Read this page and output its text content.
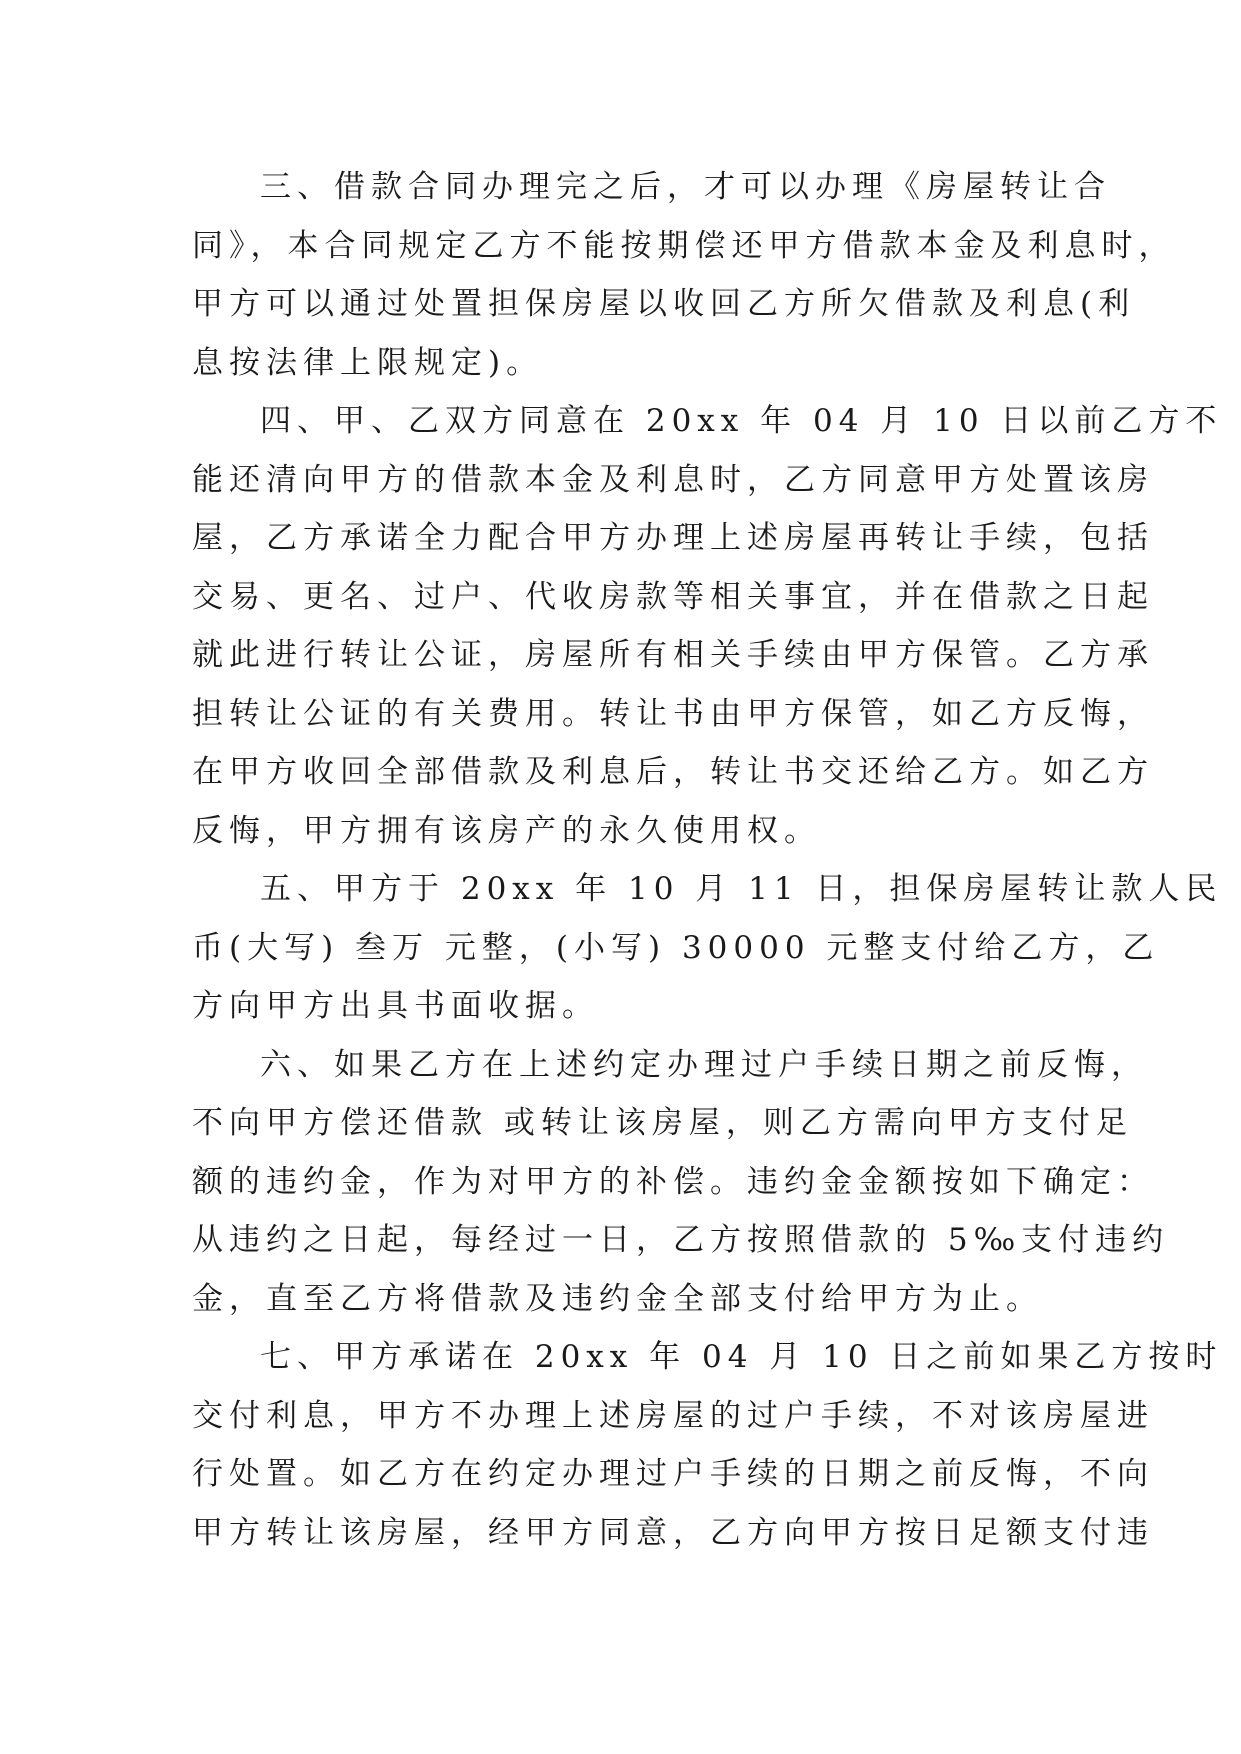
三、借款合同办理完之后，才可以办理《房屋转让合
同》，本合同规定乙方不能按期偿还甲方借款本金及利息时，
甲方可以通过处置担保房屋以收回乙方所欠借款及利息(利
息按法律上限规定)。
四、甲、乙双方同意在 20xx 年 04 月 10 日以前乙方不
能还清向甲方的借款本金及利息时，乙方同意甲方处置该房
屋，乙方承诺全力配合甲方办理上述房屋再转让手续，包括
交易、更名、过户、代收房款等相关事宜，并在借款之日起
就此进行转让公证，房屋所有相关手续由甲方保管。乙方承
担转让公证的有关费用。转让书由甲方保管，如乙方反悔，
在甲方收回全部借款及利息后，转让书交还给乙方。如乙方
反悔，甲方拥有该房产的永久使用权。
五、甲方于 20xx 年 10 月 11 日，担保房屋转让款人民
币(大写) 叁万 元整，(小写) 30000 元整支付给乙方，乙
方向甲方出具书面收据。
六、如果乙方在上述约定办理过户手续日期之前反悔，
不向甲方偿还借款 或转让该房屋，则乙方需向甲方支付足
额的违约金，作为对甲方的补偿。违约金金额按如下确定：
从违约之日起，每经过一日，乙方按照借款的 5‰支付违约
金，直至乙方将借款及违约金全部支付给甲方为止。
七、甲方承诺在 20xx 年 04 月 10 日之前如果乙方按时
交付利息，甲方不办理上述房屋的过户手续，不对该房屋进
行处置。如乙方在约定办理过户手续的日期之前反悔，不向
甲方转让该房屋，经甲方同意，乙方向甲方按日足额支付违
